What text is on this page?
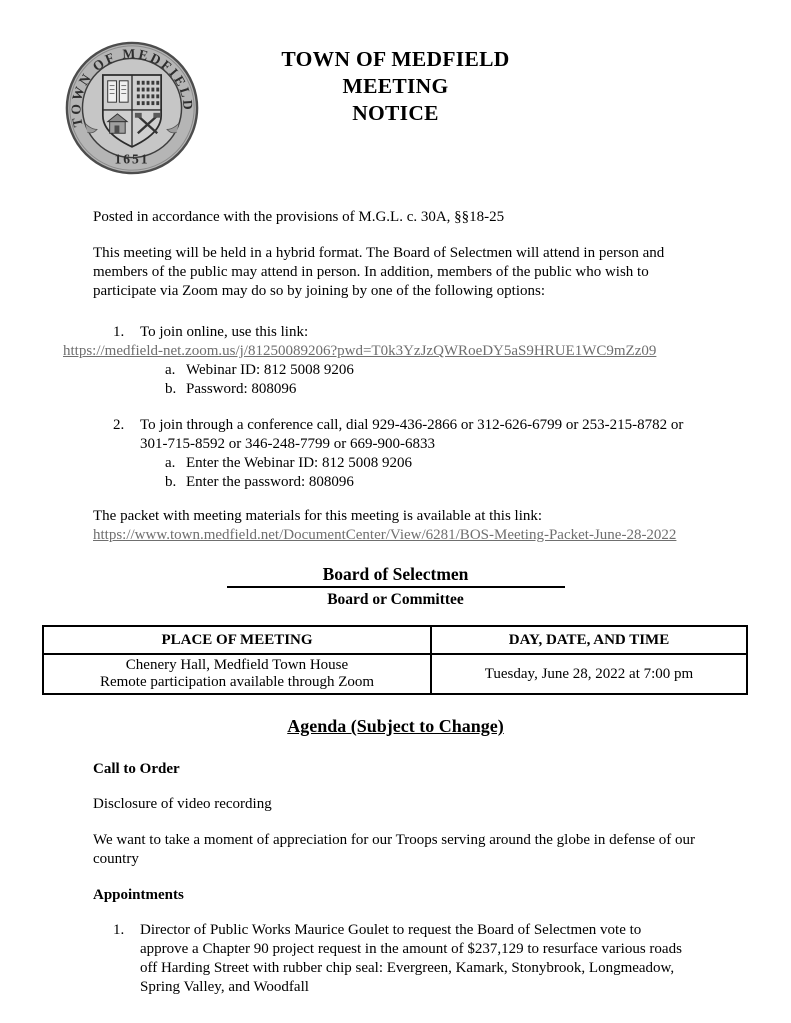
TOWN OF MEDFIELD
1651
TOWN OF MEDFIELD
MEETING
NOTICE
Posted in accordance with the provisions of M.G.L. c. 30A, §§18-25
This meeting will be held in a hybrid format. The Board of Selectmen will attend in person and members of the public may attend in person. In addition, members of the public who wish to participate via Zoom may do so by joining by one of the following options:
1.	To join online, use this link:
https://medfield-net.zoom.us/j/81250089206?pwd=T0k3YzJzQWRoeDY5aS9HRUE1WC9mZz09
a. Webinar ID: 812 5008 9206
b. Password: 808096
2.	To join through a conference call, dial 929-436-2866 or 312-626-6799 or 253-215-8782 or 301-715-8592 or 346-248-7799 or 669-900-6833
a. Enter the Webinar ID: 812 5008 9206
b. Enter the password: 808096
The packet with meeting materials for this meeting is available at this link:
https://www.town.medfield.net/DocumentCenter/View/6281/BOS-Meeting-Packet-June-28-2022
Board of Selectmen
Board or Committee
PLACE OF MEETING	DAY, DATE, AND TIME

Chenery Hall, Medfield Town House
Remote participation available through Zoom	Tuesday, June 28, 2022 at 7:00 pm
Agenda (Subject to Change)
Call to Order
Disclosure of video recording
We want to take a moment of appreciation for our Troops serving around the globe in defense of our country
Appointments
1.	Director of Public Works Maurice Goulet to request the Board of Selectmen vote to approve a Chapter 90 project request in the amount of $237,129 to resurface various roads off Harding Street with rubber chip seal: Evergreen, Kamark, Stonybrook, Longmeadow, Spring Valley, and Woodfall
